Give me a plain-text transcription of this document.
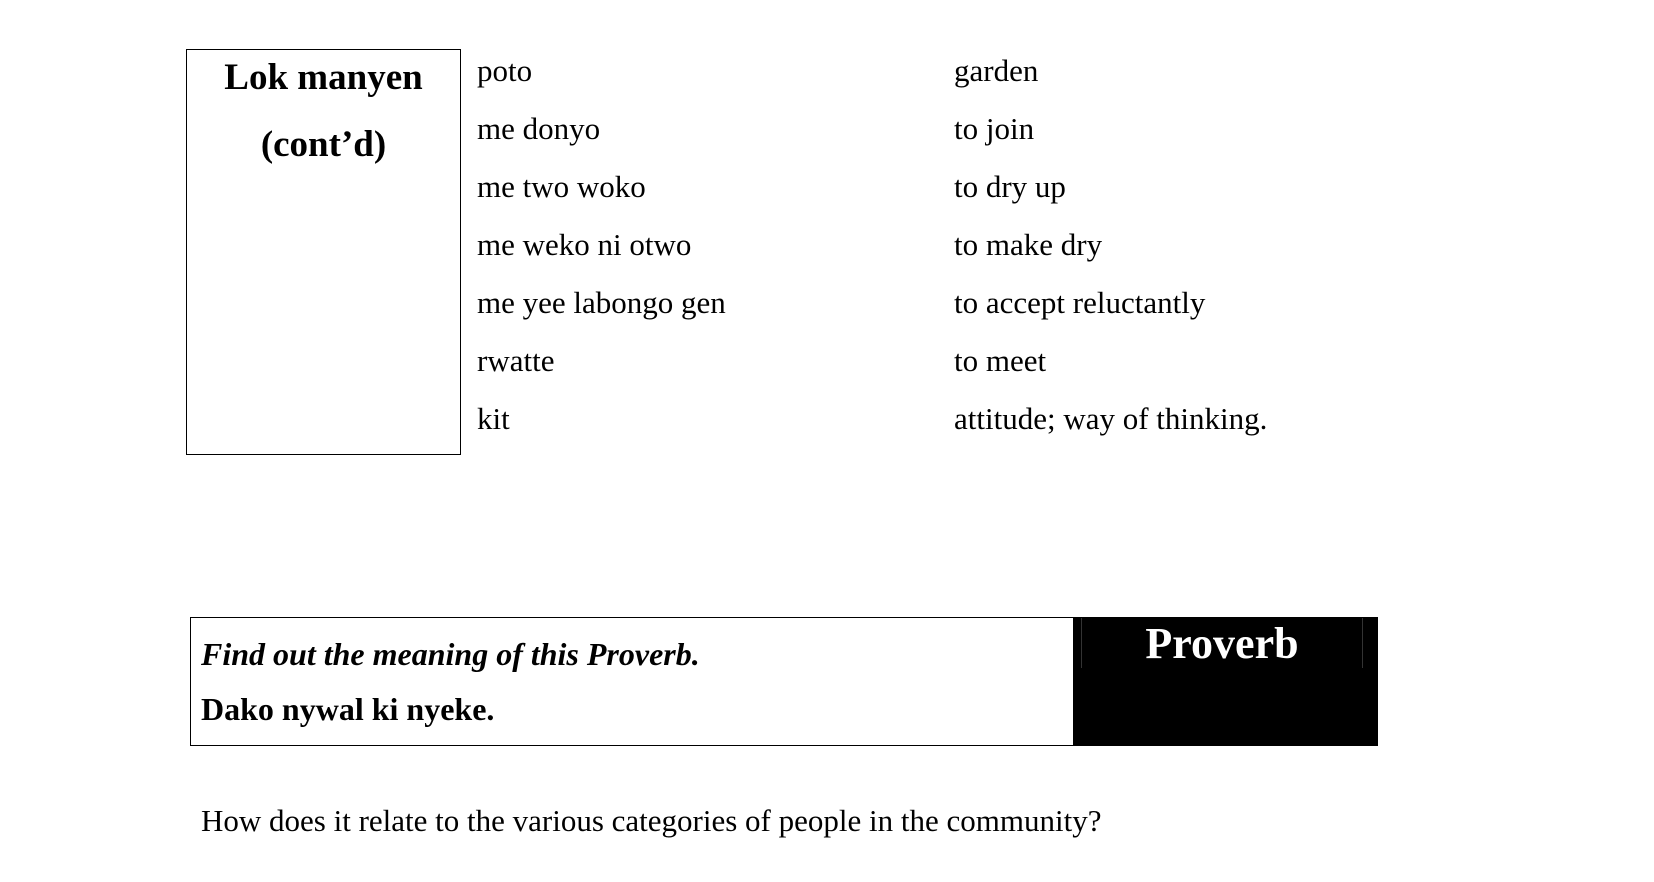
Lok manyen
(cont’d)
poto	garden
me donyo	to join
me two woko	to dry up
me weko ni otwo	to make dry
me yee labongo gen	to accept reluctantly
rwatte	to meet
kit	attitude; way of thinking.
Find out the meaning of this Proverb.
Dako nywal ki nyeke.
Proverb
How does it relate to the various categories of people in the community?
